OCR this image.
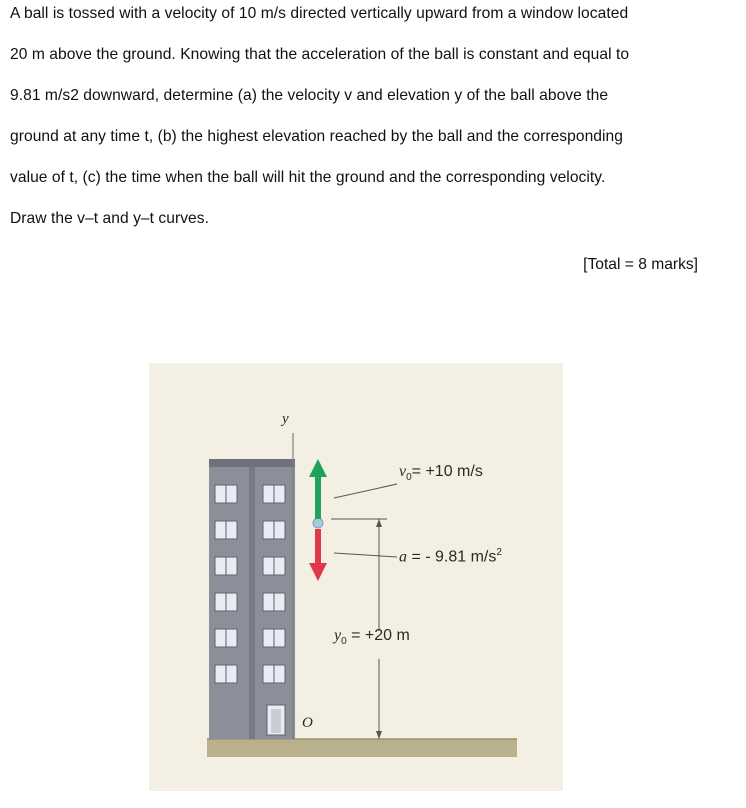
A ball is tossed with a velocity of 10 m/s directed vertically upward from a window located
20 m above the ground. Knowing that the acceleration of the ball is constant and equal to
9.81 m/s2 downward, determine (a) the velocity v and elevation y of the ball above the
ground at any time t, (b) the highest elevation reached by the ball and the corresponding
value of t, (c) the time when the ball will hit the ground and the corresponding velocity.
Draw the v–t and y–t curves.
[Total = 8 marks]
y
O
$v_0= +10$ m/s
a = - 9.81 $m/s^2$
$y_0 = +20$ m
